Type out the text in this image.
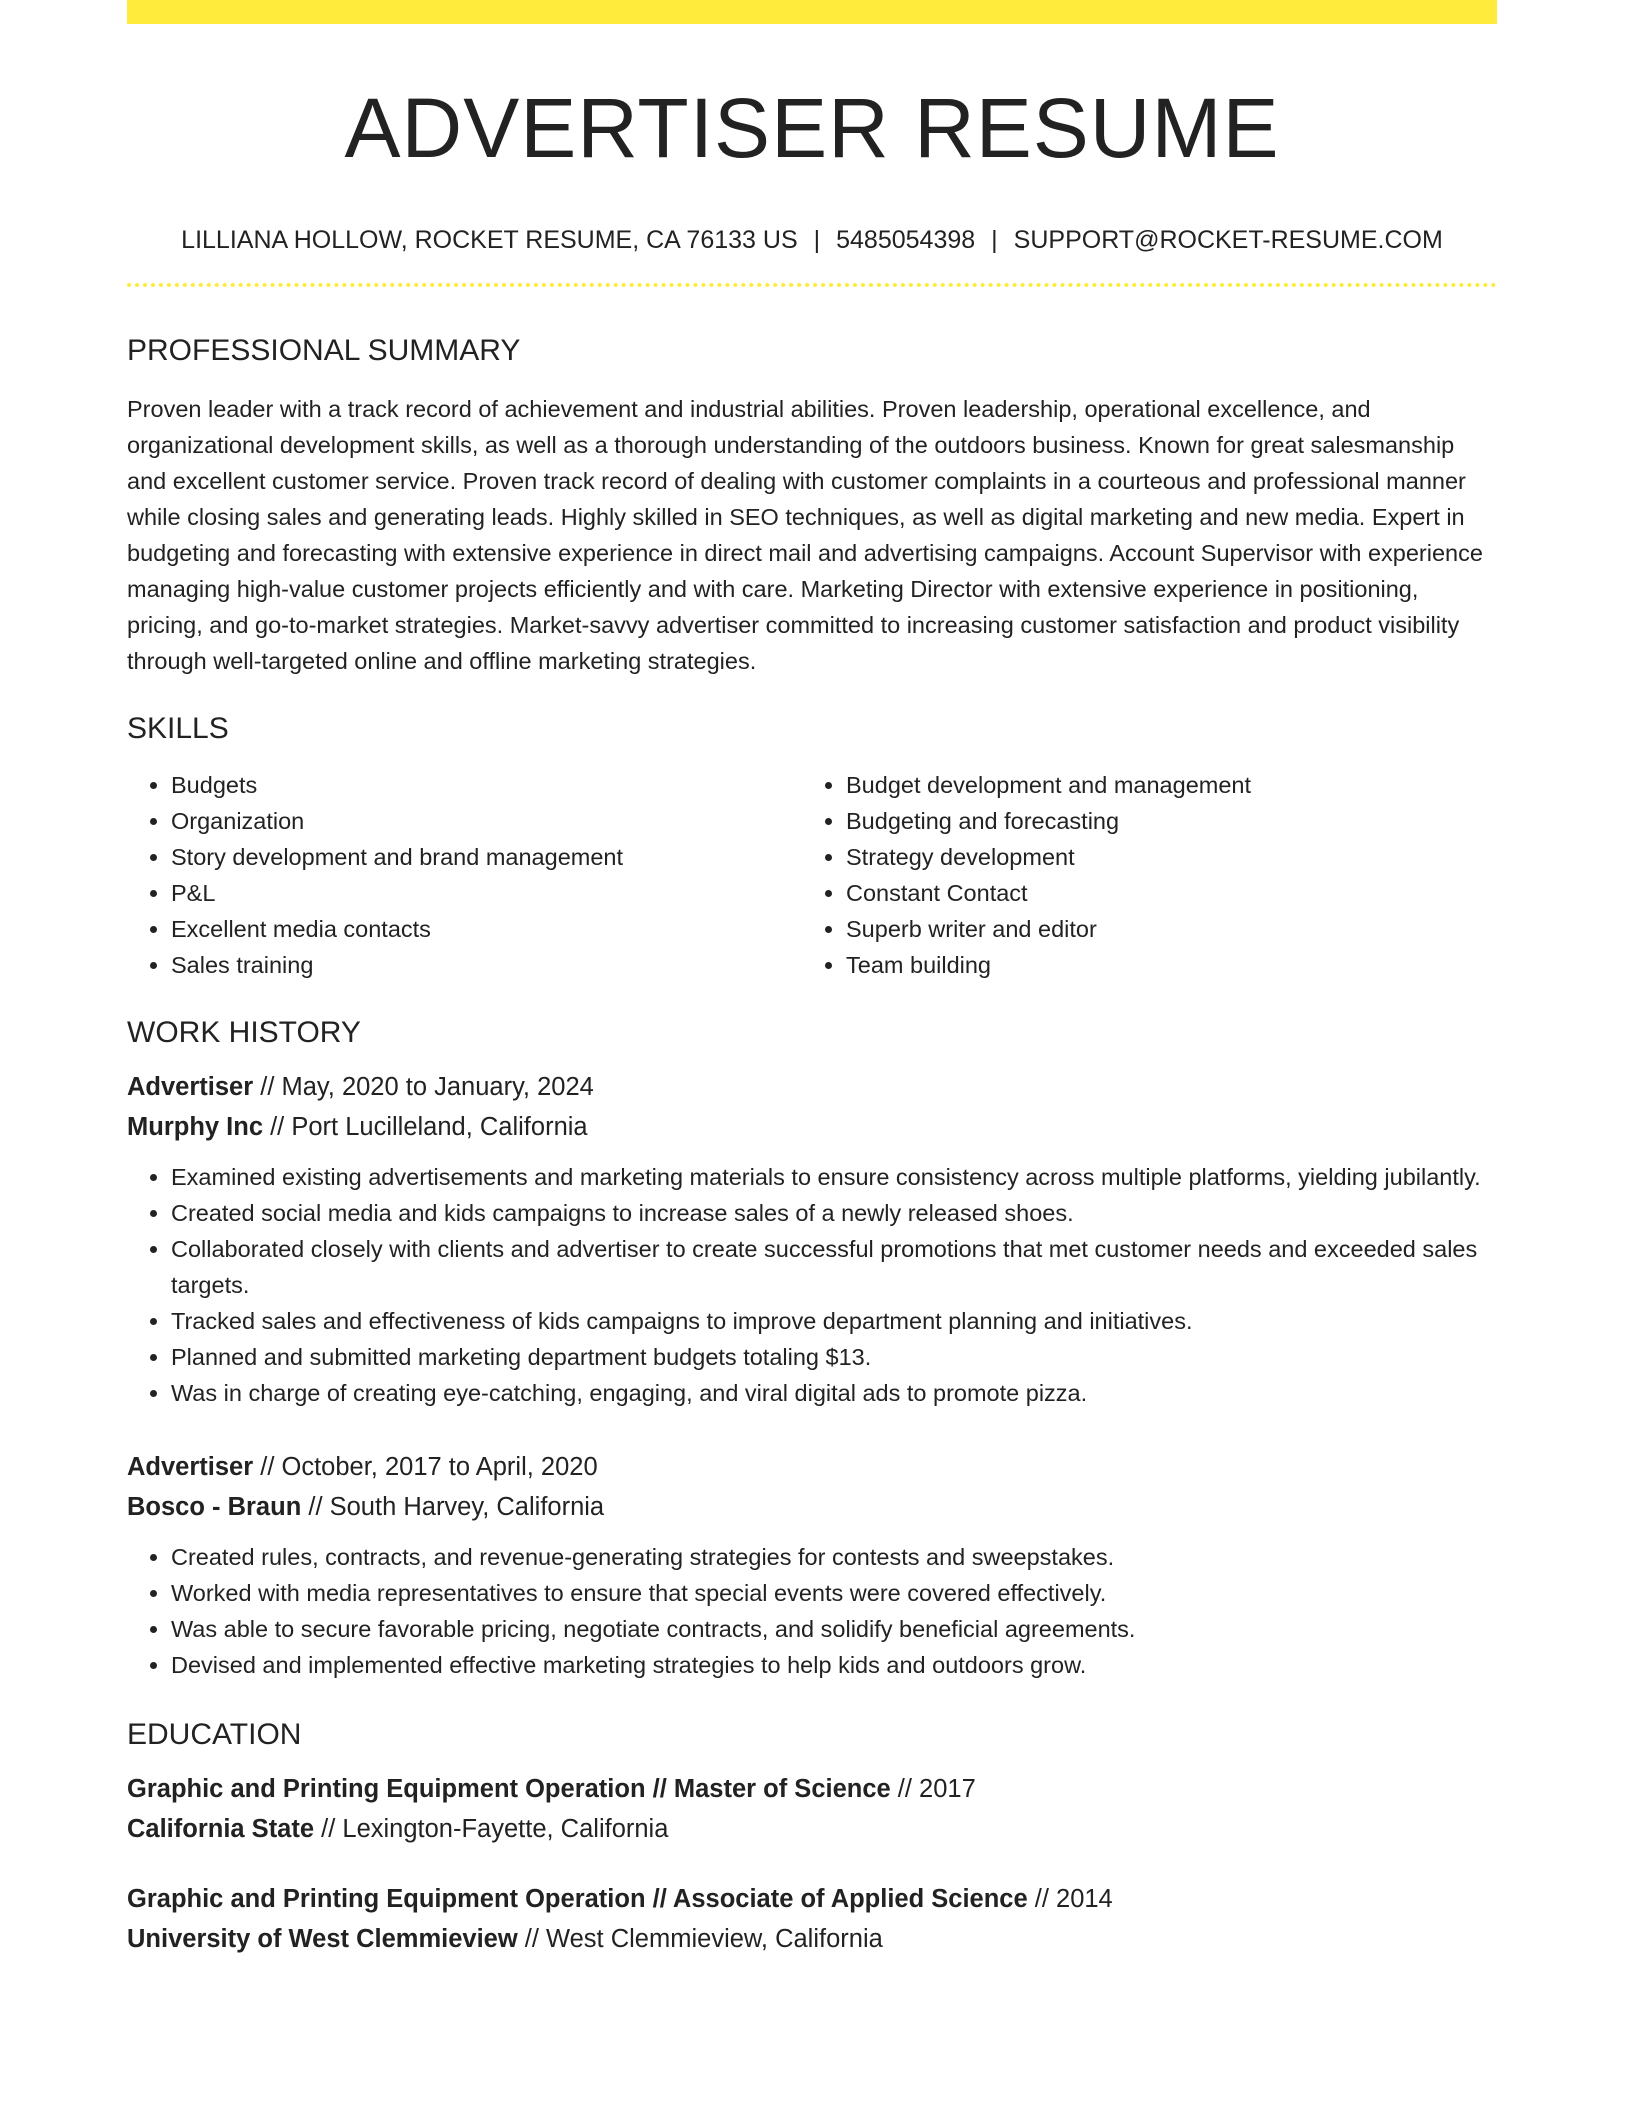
ADVERTISER RESUME
LILLIANA HOLLOW, ROCKET RESUME, CA 76133 US | 5485054398 | SUPPORT@ROCKET-RESUME.COM
PROFESSIONAL SUMMARY

Proven leader with a track record of achievement and industrial abilities. Proven leadership, operational excellence, and organizational development skills, as well as a thorough understanding of the outdoors business. Known for great salesmanship and excellent customer service. Proven track record of dealing with customer complaints in a courteous and professional manner while closing sales and generating leads. Highly skilled in SEO techniques, as well as digital marketing and new media. Expert in budgeting and forecasting with extensive experience in direct mail and advertising campaigns. Account Supervisor with experience managing high-value customer projects efficiently and with care. Marketing Director with extensive experience in positioning, pricing, and go-to-market strategies. Market-savvy advertiser committed to increasing customer satisfaction and product visibility through well-targeted online and offline marketing strategies.

SKILLS
• Budgets
• Organization
• Story development and brand management
• P&L
• Excellent media contacts
• Sales training
• Budget development and management
• Budgeting and forecasting
• Strategy development
• Constant Contact
• Superb writer and editor
• Team building
WORK HISTORY
Advertiser // May, 2020 to January, 2024
Murphy Inc // Port Lucilleland, California
• Examined existing advertisements and marketing materials to ensure consistency across multiple platforms, yielding jubilantly.
• Created social media and kids campaigns to increase sales of a newly released shoes.
• Collaborated closely with clients and advertiser to create successful promotions that met customer needs and exceeded sales targets.
• Tracked sales and effectiveness of kids campaigns to improve department planning and initiatives.
• Planned and submitted marketing department budgets totaling $13.
• Was in charge of creating eye-catching, engaging, and viral digital ads to promote pizza.
Advertiser // October, 2017 to April, 2020
Bosco - Braun // South Harvey, California
• Created rules, contracts, and revenue-generating strategies for contests and sweepstakes.
• Worked with media representatives to ensure that special events were covered effectively.
• Was able to secure favorable pricing, negotiate contracts, and solidify beneficial agreements.
• Devised and implemented effective marketing strategies to help kids and outdoors grow.
EDUCATION
Graphic and Printing Equipment Operation // Master of Science // 2017
California State // Lexington-Fayette, California
Graphic and Printing Equipment Operation // Associate of Applied Science // 2014
University of West Clemmieview // West Clemmieview, California
